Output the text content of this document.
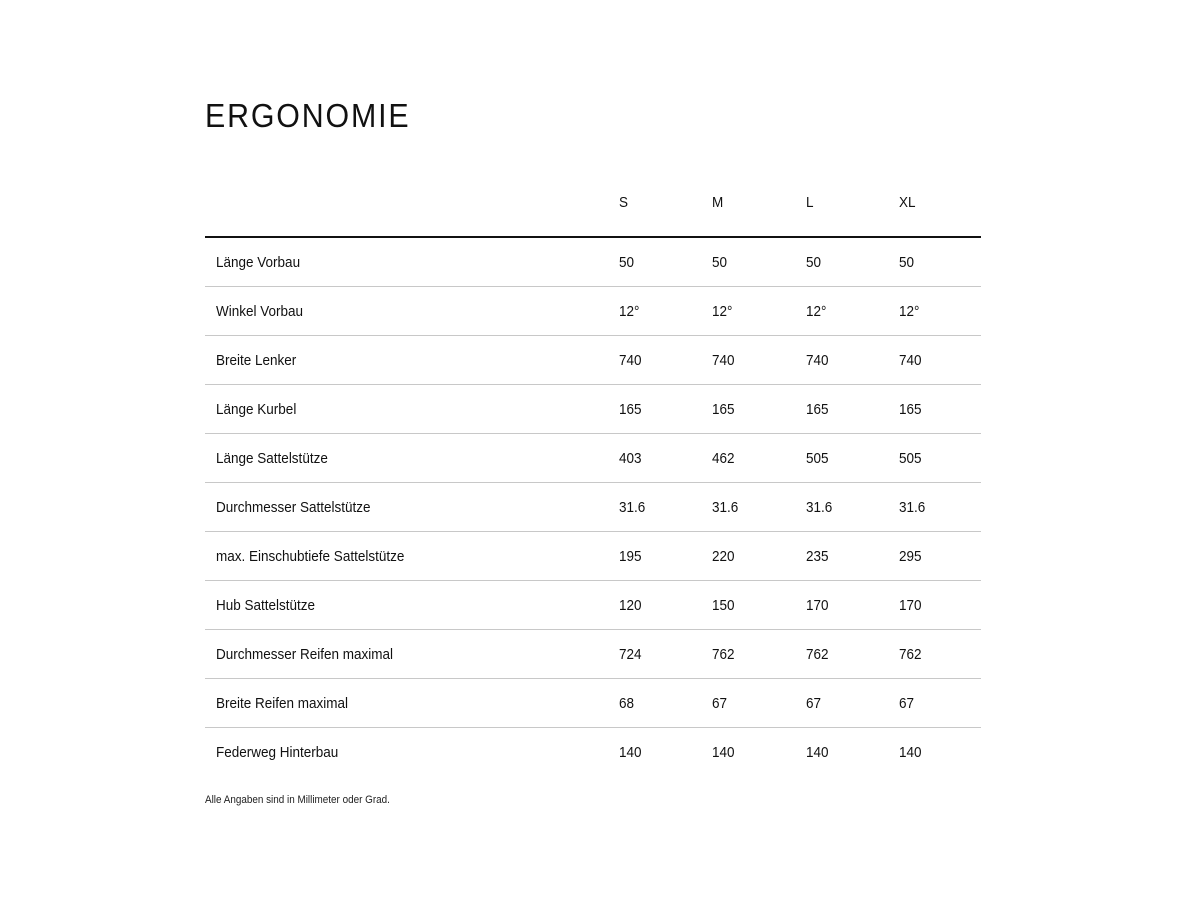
ERGONOMIE
	S	M	L	XL
Länge Vorbau	50	50	50	50
Winkel Vorbau	12°	12°	12°	12°
Breite Lenker	740	740	740	740
Länge Kurbel	165	165	165	165
Länge Sattelstütze	403	462	505	505
Durchmesser Sattelstütze	31.6	31.6	31.6	31.6
max. Einschubtiefe Sattelstütze	195	220	235	295
Hub Sattelstütze	120	150	170	170
Durchmesser Reifen maximal	724	762	762	762
Breite Reifen maximal	68	67	67	67
Federweg Hinterbau	140	140	140	140
Alle Angaben sind in Millimeter oder Grad.
